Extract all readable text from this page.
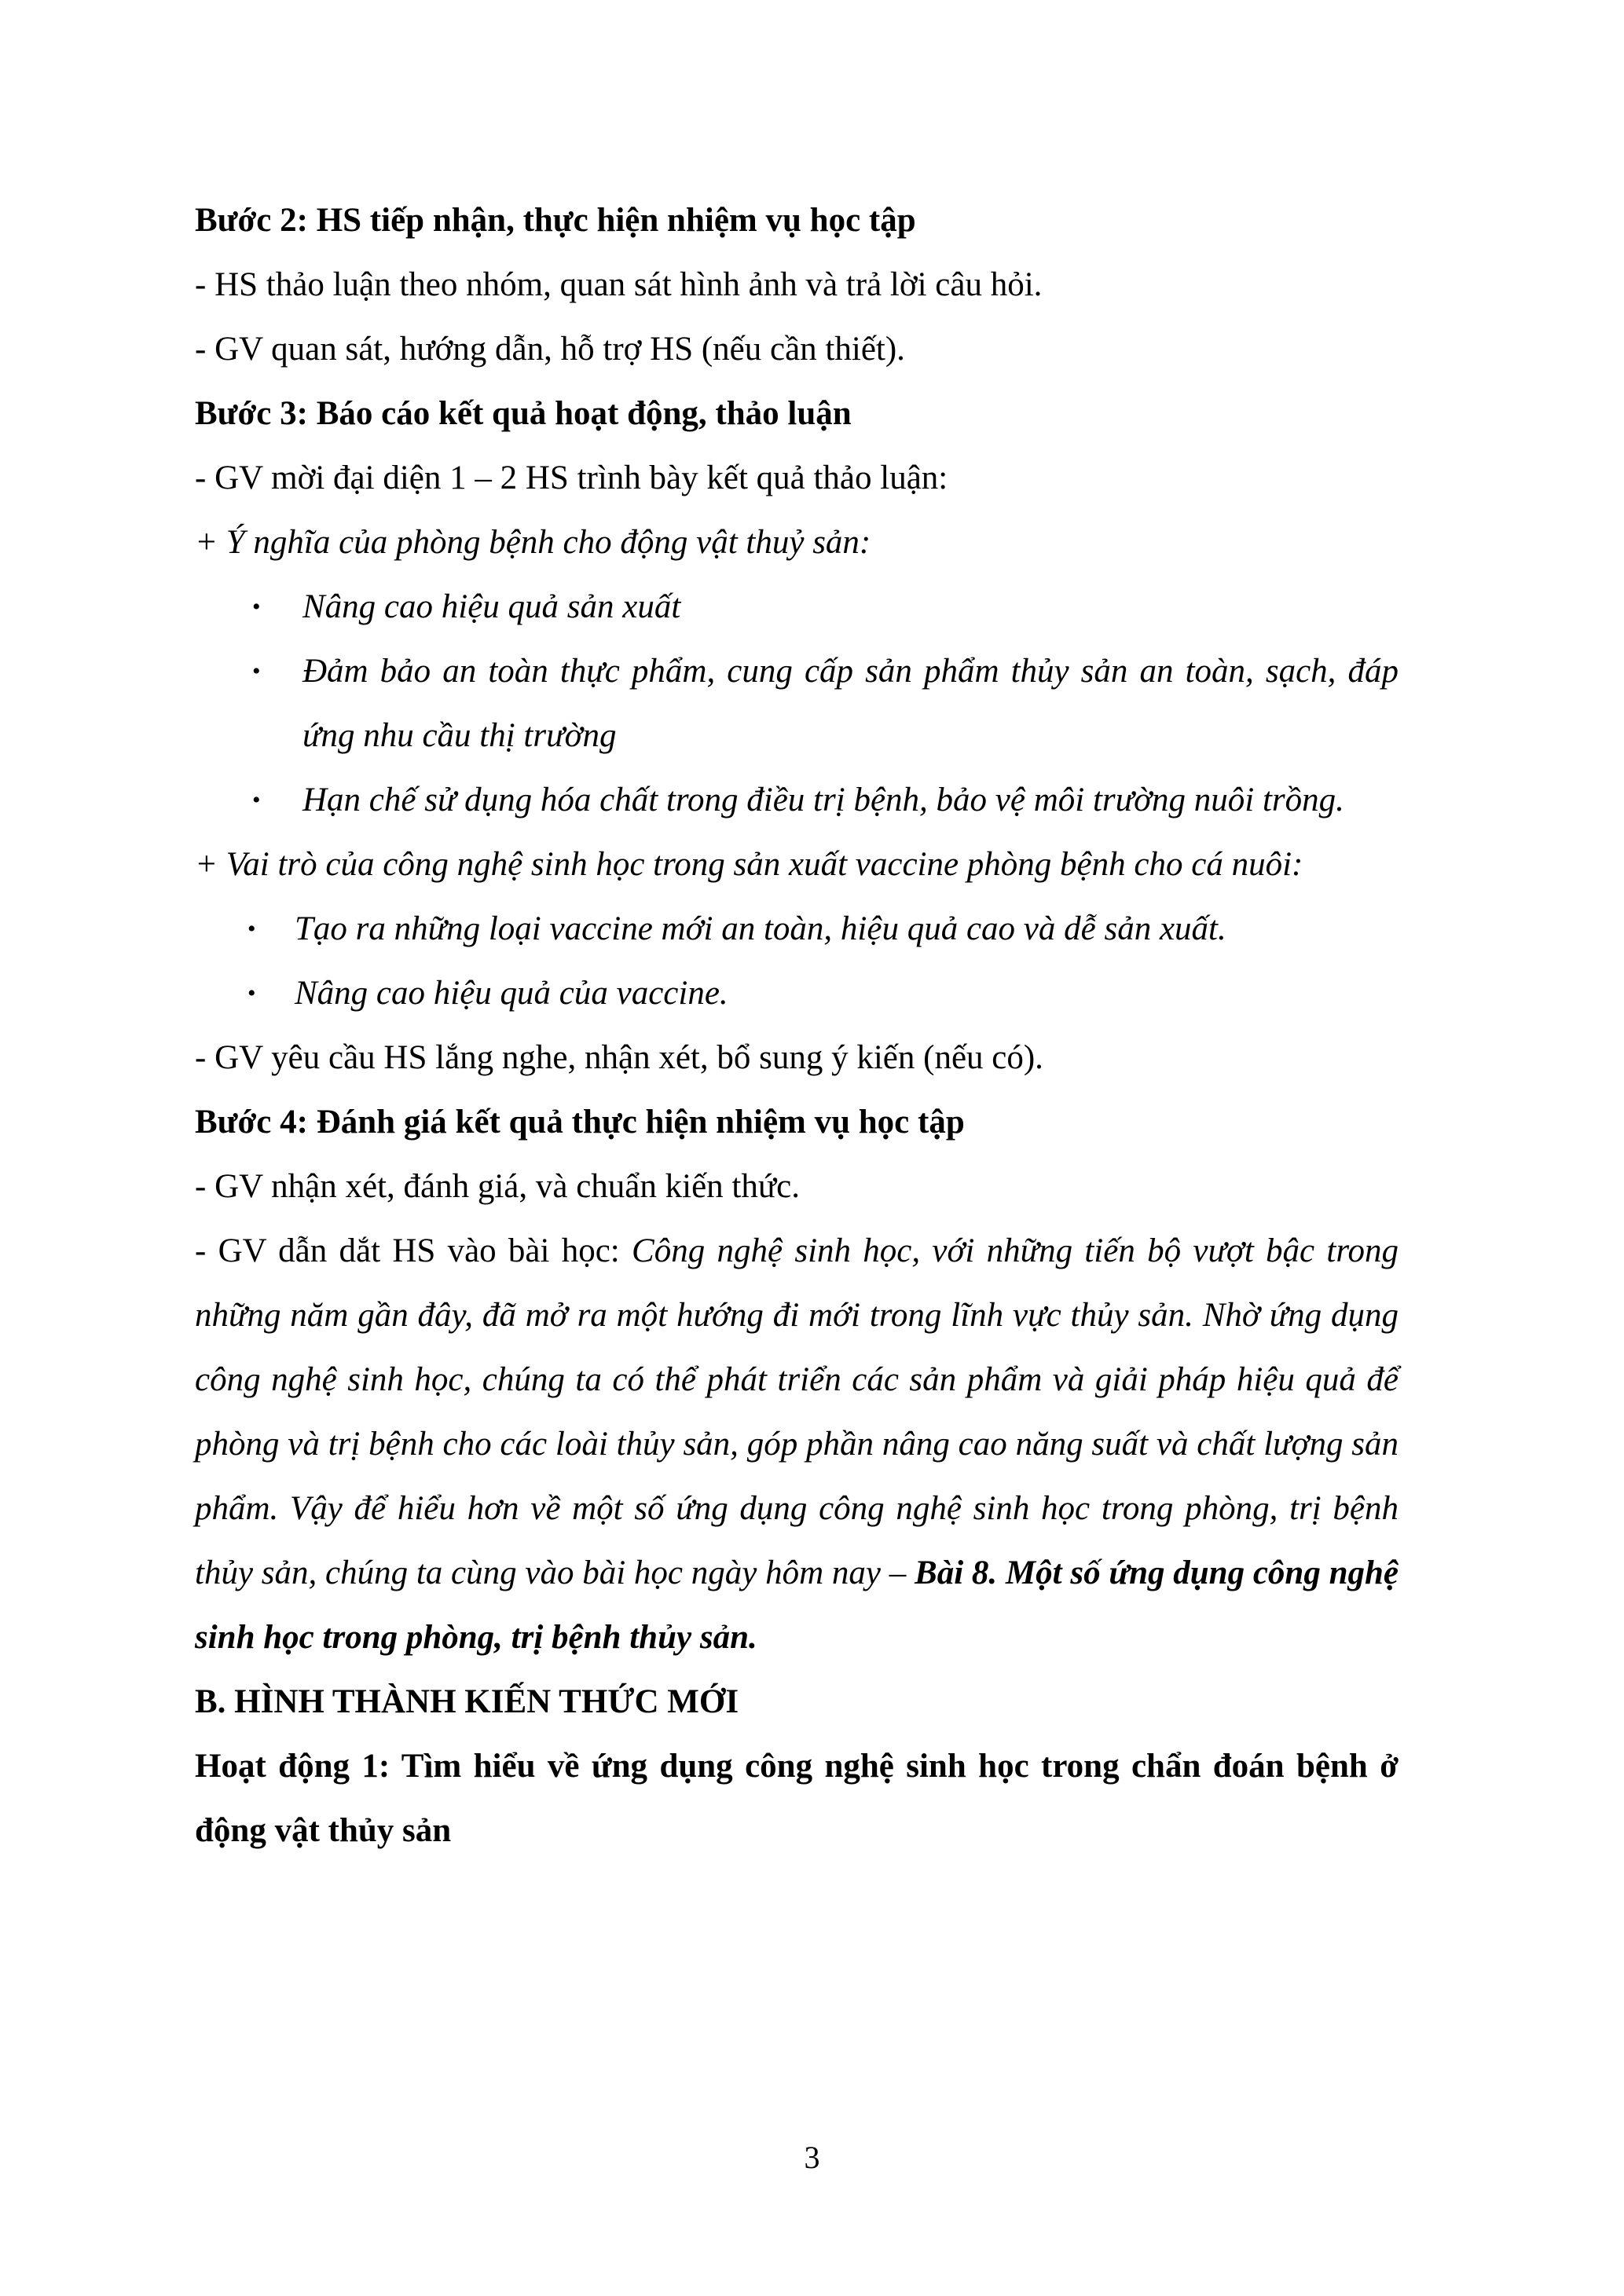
Bước 2: HS tiếp nhận, thực hiện nhiệm vụ học tập

- HS thảo luận theo nhóm, quan sát hình ảnh và trả lời câu hỏi.

- GV quan sát, hướng dẫn, hỗ trợ HS (nếu cần thiết).

Bước 3: Báo cáo kết quả hoạt động, thảo luận

- GV mời đại diện 1 – 2 HS trình bày kết quả thảo luận:

+ Ý nghĩa của phòng bệnh cho động vật thuỷ sản:

• Nâng cao hiệu quả sản xuất
• Đảm bảo an toàn thực phẩm, cung cấp sản phẩm thủy sản an toàn, sạch, đáp ứng nhu cầu thị trường
• Hạn chế sử dụng hóa chất trong điều trị bệnh, bảo vệ môi trường nuôi trồng.

+ Vai trò của công nghệ sinh học trong sản xuất vaccine phòng bệnh cho cá nuôi:

• Tạo ra những loại vaccine mới an toàn, hiệu quả cao và dễ sản xuất.
• Nâng cao hiệu quả của vaccine.

- GV yêu cầu HS lắng nghe, nhận xét, bổ sung ý kiến (nếu có).

Bước 4: Đánh giá kết quả thực hiện nhiệm vụ học tập

- GV nhận xét, đánh giá, và chuẩn kiến thức.

- GV dẫn dắt HS vào bài học: Công nghệ sinh học, với những tiến bộ vượt bậc trong những năm gần đây, đã mở ra một hướng đi mới trong lĩnh vực thủy sản. Nhờ ứng dụng công nghệ sinh học, chúng ta có thể phát triển các sản phẩm và giải pháp hiệu quả để phòng và trị bệnh cho các loài thủy sản, góp phần nâng cao năng suất và chất lượng sản phẩm. Vậy để hiểu hơn về một số ứng dụng công nghệ sinh học trong phòng, trị bệnh thủy sản, chúng ta cùng vào bài học ngày hôm nay – Bài 8. Một số ứng dụng công nghệ sinh học trong phòng, trị bệnh thủy sản.

B. HÌNH THÀNH KIẾN THỨC MỚI

Hoạt động 1: Tìm hiểu về ứng dụng công nghệ sinh học trong chẩn đoán bệnh ở động vật thủy sản

3
